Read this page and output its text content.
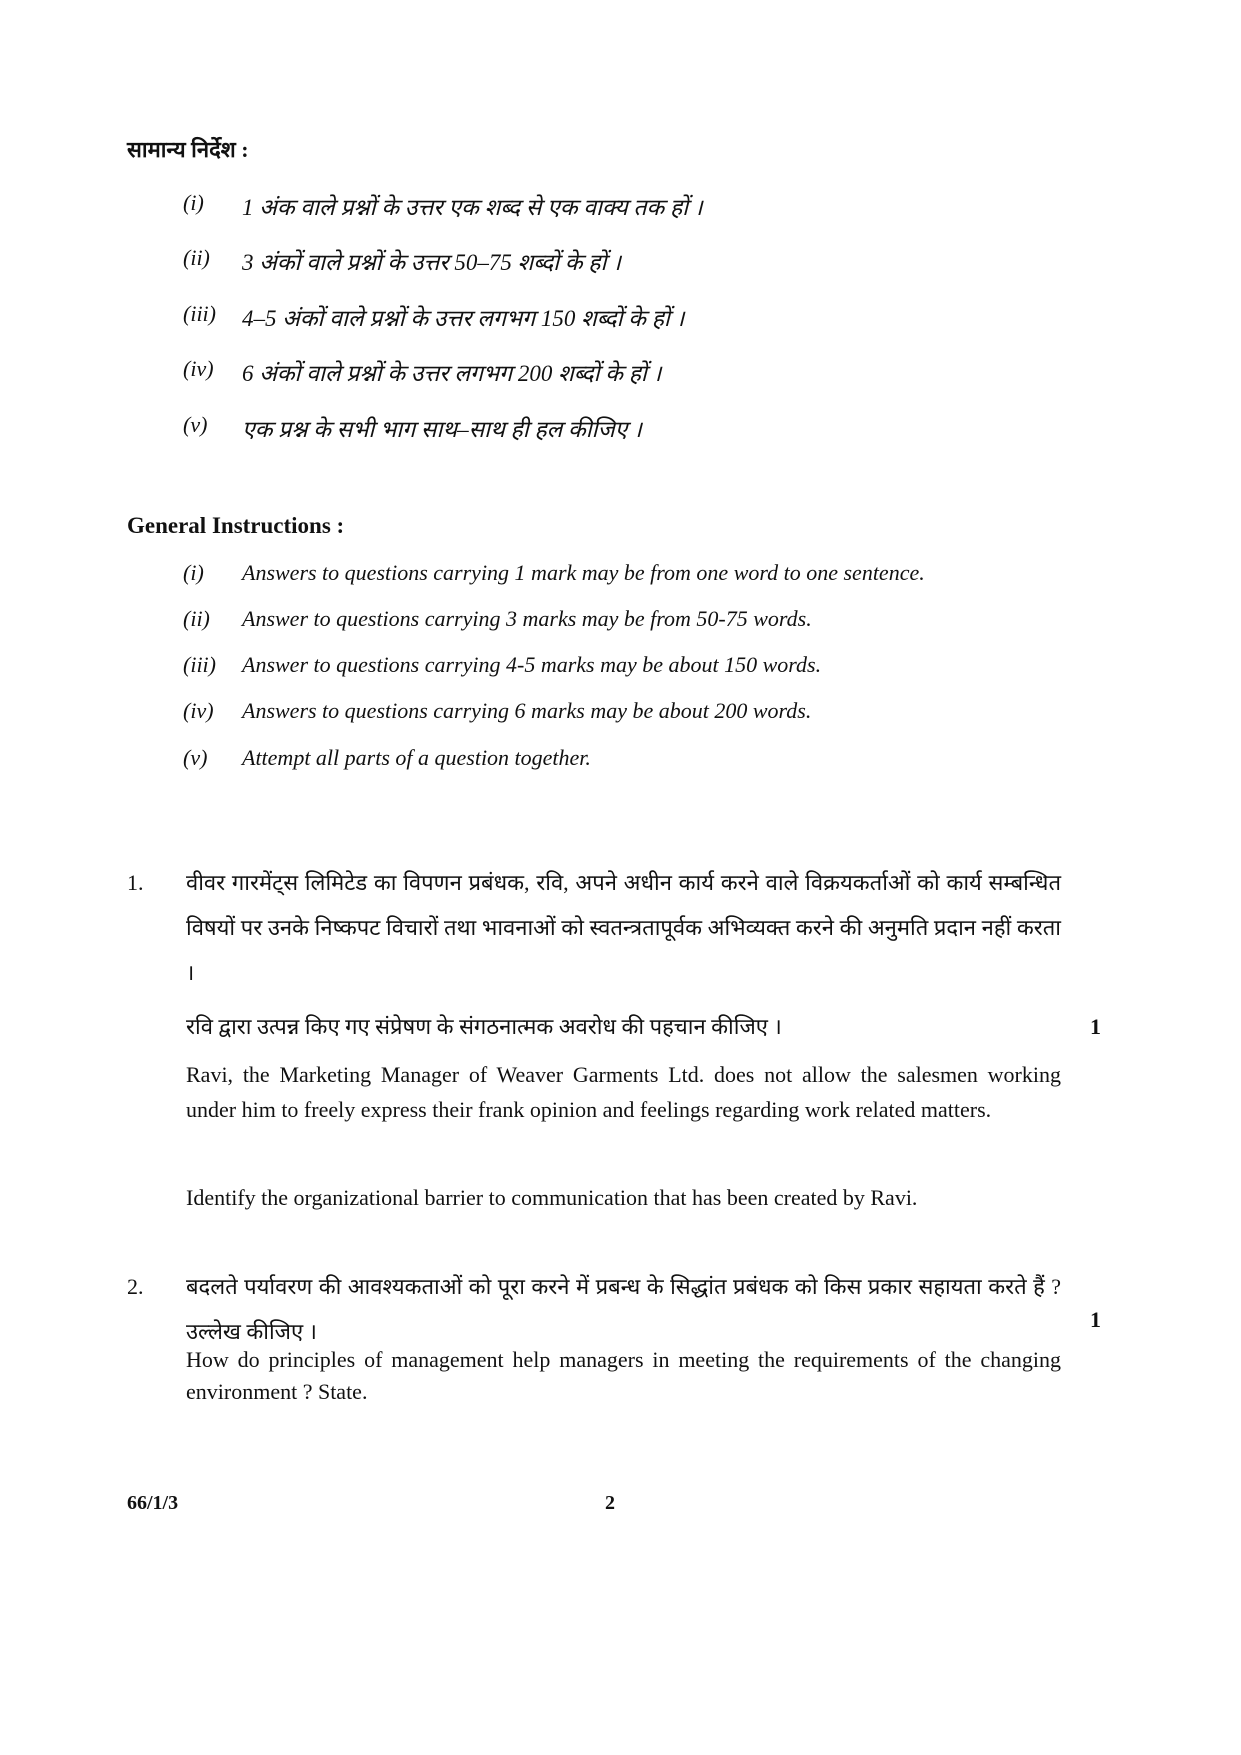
सामान्य निर्देश :
(i) 1 अंक वाले प्रश्नों के उत्तर एक शब्द से एक वाक्य तक हों ।
(ii) 3 अंकों वाले प्रश्नों के उत्तर 50–75 शब्दों के हों ।
(iii) 4–5 अंकों वाले प्रश्नों के उत्तर लगभग 150 शब्दों के हों ।
(iv) 6 अंकों वाले प्रश्नों के उत्तर लगभग 200 शब्दों के हों ।
(v) एक प्रश्न के सभी भाग साथ–साथ ही हल कीजिए ।
General Instructions :
(i) Answers to questions carrying 1 mark may be from one word to one sentence.
(ii) Answer to questions carrying 3 marks may be from 50-75 words.
(iii) Answer to questions carrying 4-5 marks may be about 150 words.
(iv) Answers to questions carrying 6 marks may be about 200 words.
(v) Attempt all parts of a question together.
1. वीवर गारमेंट्स लिमिटेड का विपणन प्रबंधक, रवि, अपने अधीन कार्य करने वाले विक्रयकर्ताओं को कार्य सम्बन्धित विषयों पर उनके निष्कपट विचारों तथा भावनाओं को स्वतन्त्रतापूर्वक अभिव्यक्त करने की अनुमति प्रदान नहीं करता ।
रवि द्वारा उत्पन्न किए गए संप्रेषण के संगठनात्मक अवरोध की पहचान कीजिए ।	1
Ravi, the Marketing Manager of Weaver Garments Ltd. does not allow the salesmen working under him to freely express their frank opinion and feelings regarding work related matters.
Identify the organizational barrier to communication that has been created by Ravi.
2. बदलते पर्यावरण की आवश्यकताओं को पूरा करने में प्रबन्ध के सिद्धांत प्रबंधक को किस प्रकार सहायता करते हैं ? उल्लेख कीजिए ।	1
How do principles of management help managers in meeting the requirements of the changing environment ? State.
66/1/3	2
